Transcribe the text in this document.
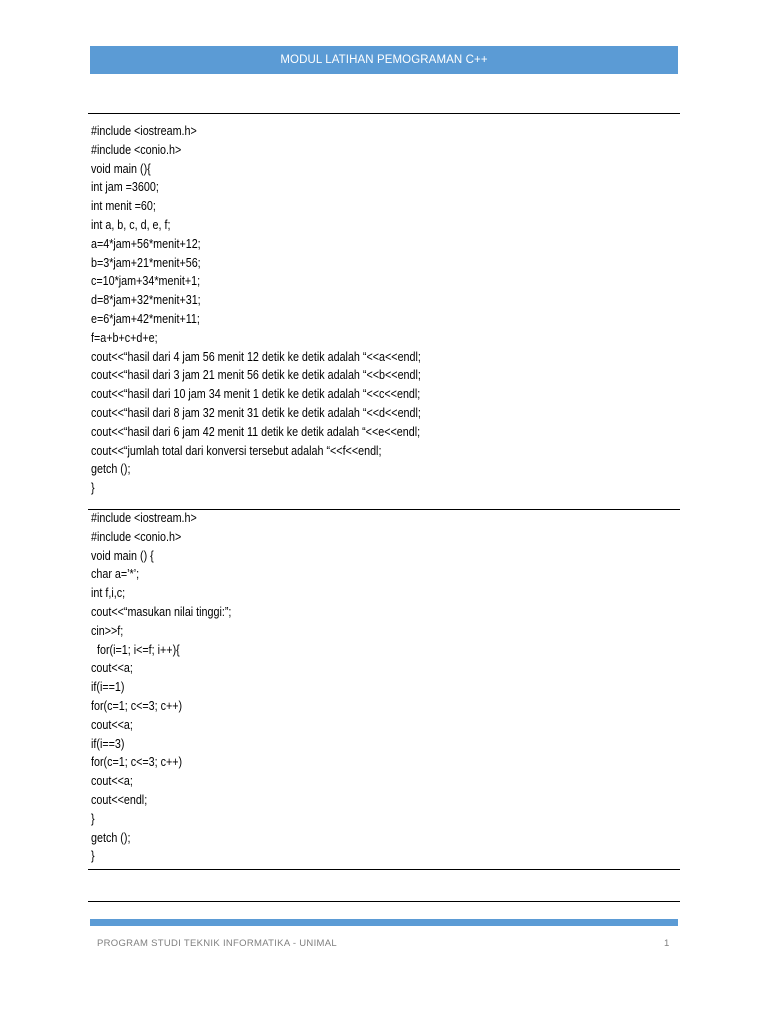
MODUL LATIHAN PEMOGRAMAN C++
#include <iostream.h>
#include <conio.h>
void main (){
int jam =3600;
int menit =60;
int a, b, c, d, e, f;
a=4*jam+56*menit+12;
b=3*jam+21*menit+56;
c=10*jam+34*menit+1;
d=8*jam+32*menit+31;
e=6*jam+42*menit+11;
f=a+b+c+d+e;
cout<<“hasil dari 4 jam 56 menit 12 detik ke detik adalah “<<a<<endl;
cout<<“hasil dari 3 jam 21 menit 56 detik ke detik adalah “<<b<<endl;
cout<<“hasil dari 10 jam 34 menit 1 detik ke detik adalah “<<c<<endl;
cout<<“hasil dari 8 jam 32 menit 31 detik ke detik adalah “<<d<<endl;
cout<<“hasil dari 6 jam 42 menit 11 detik ke detik adalah “<<e<<endl;
cout<<“jumlah total dari konversi tersebut adalah “<<f<<endl;
getch ();
}
#include <iostream.h>
#include <conio.h>
void main () {
char a=’*’;
int f,i,c;
cout<<“masukan nilai tinggi:”;
cin>>f;
for(i=1; i<=f; i++){
cout<<a;
if(i==1)
for(c=1; c<=3; c++)
cout<<a;
if(i==3)
for(c=1; c<=3; c++)
cout<<a;
cout<<endl;
}
getch ();
}
PROGRAM STUDI TEKNIK INFORMATIKA - UNIMAL	1
